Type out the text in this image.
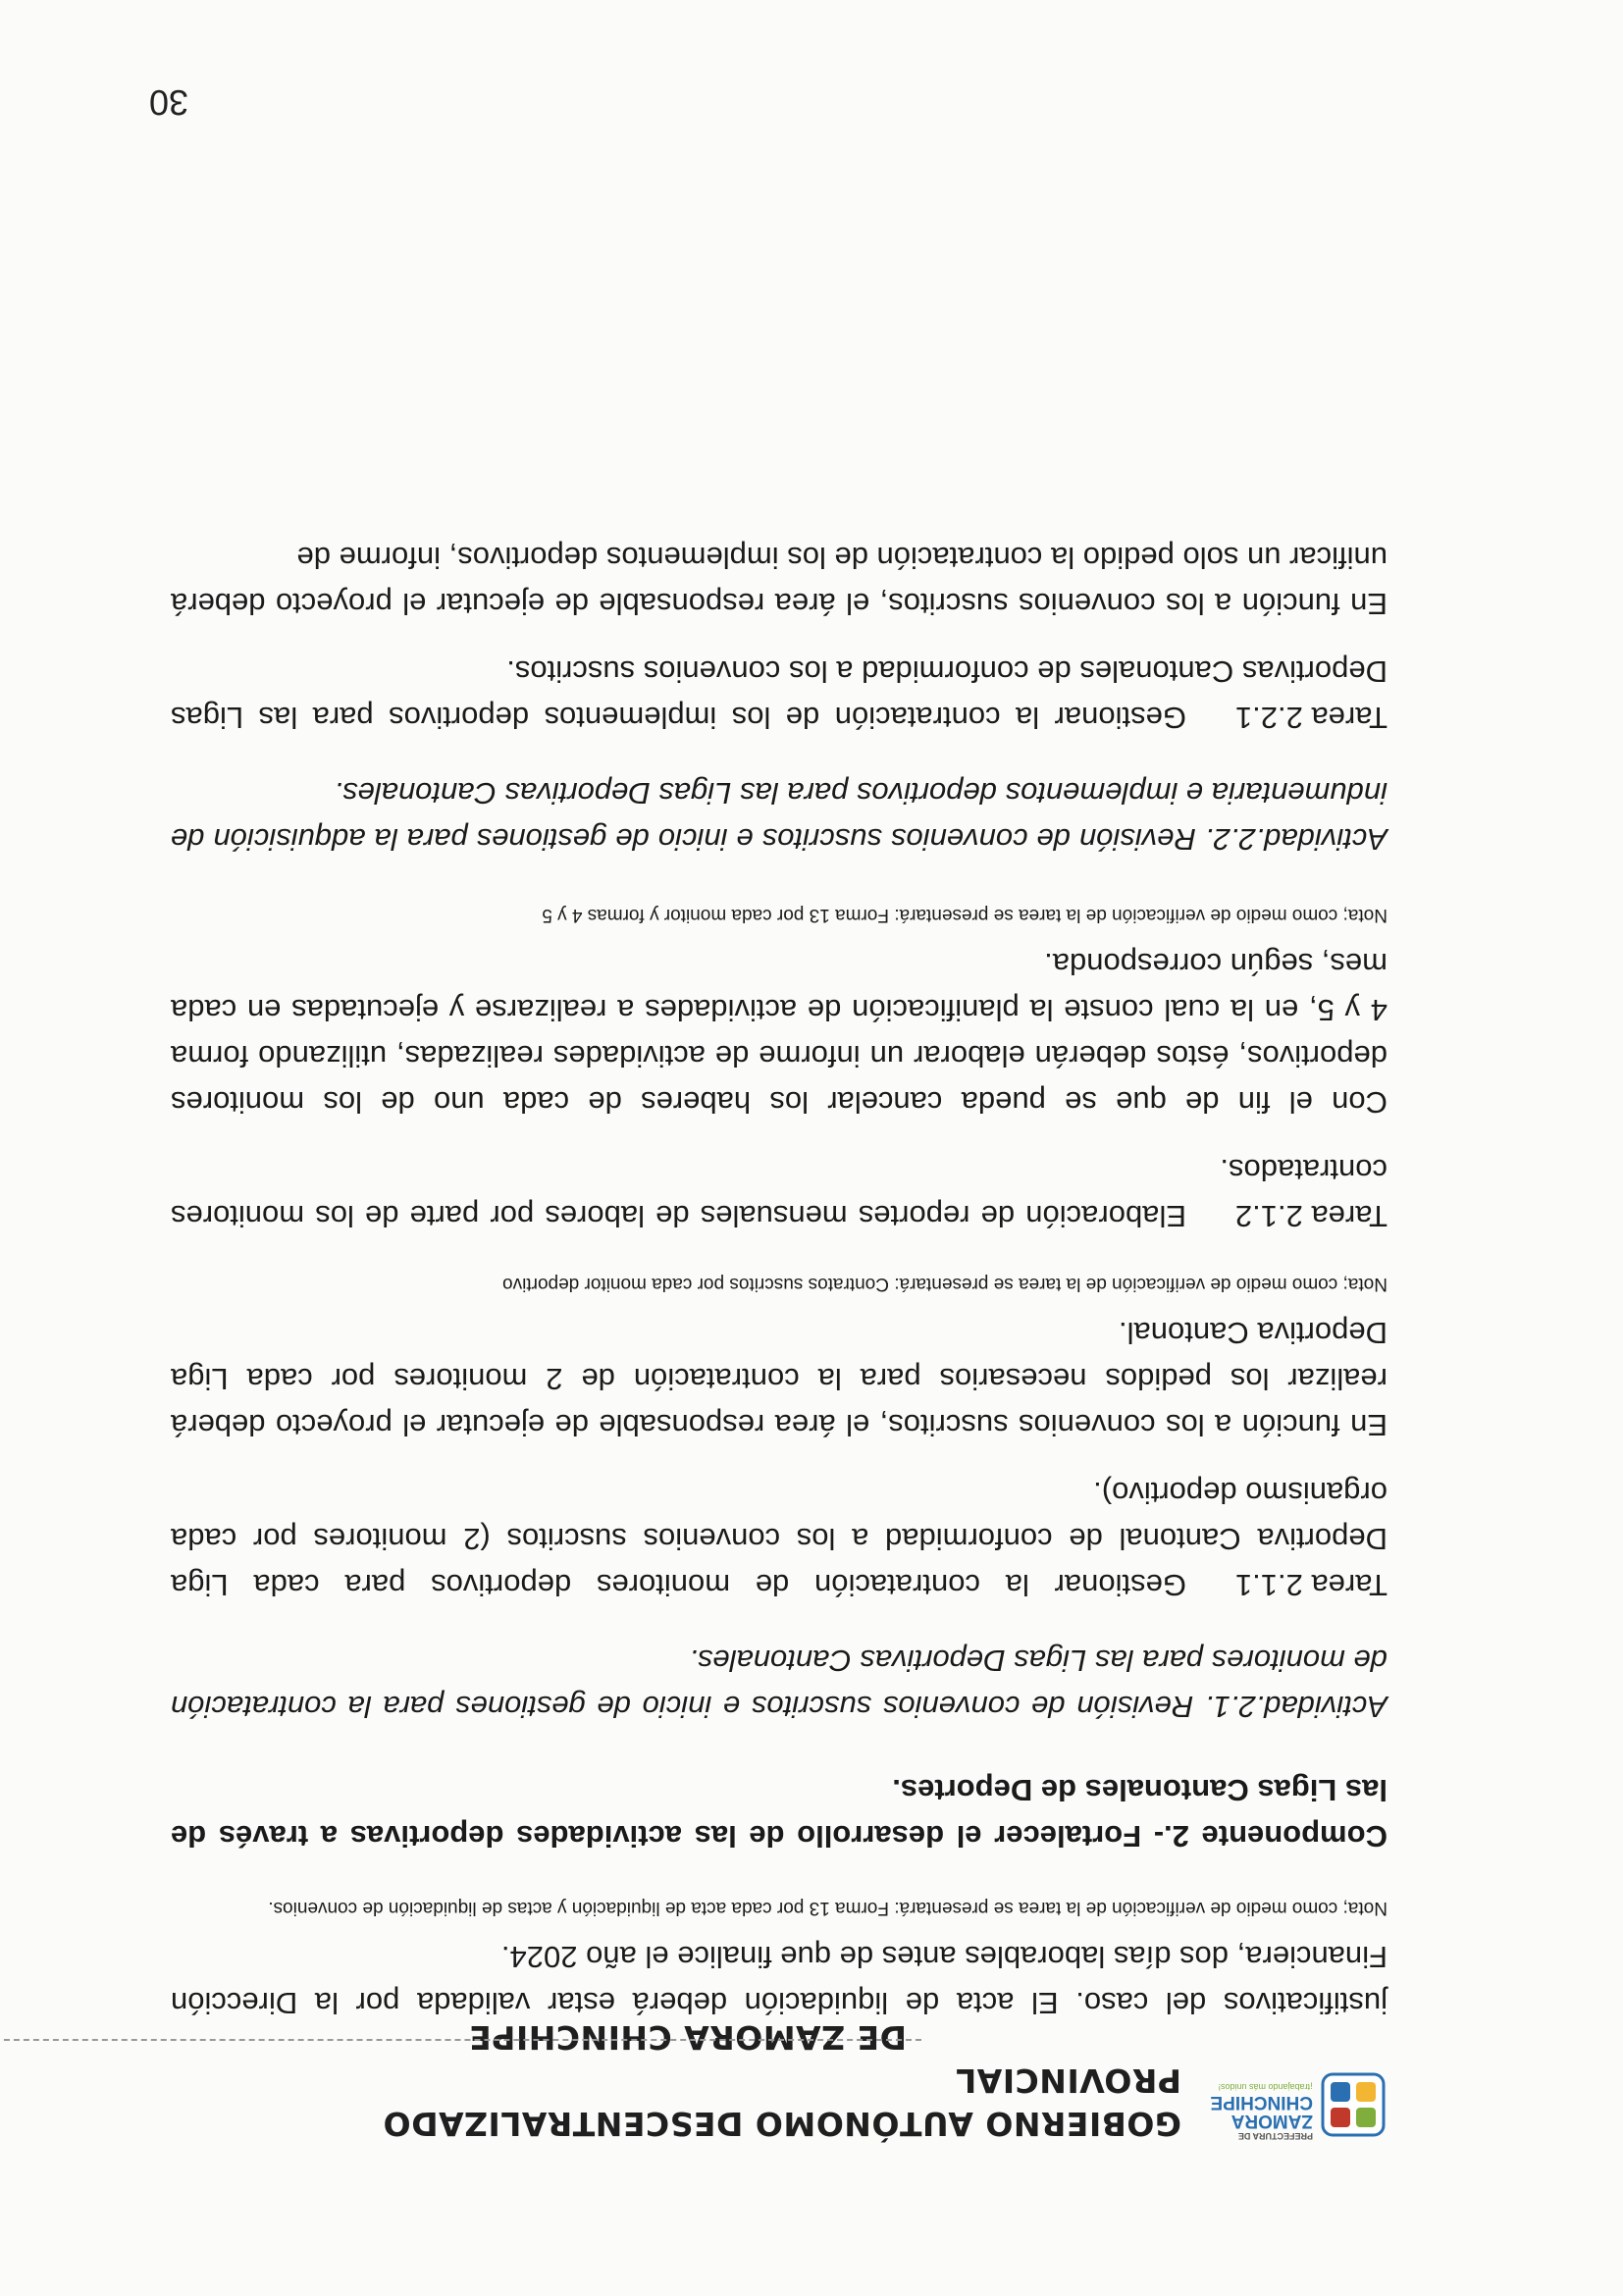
PREFECTURA DE
ZAMORA
CHINCHIPE
¡trabajando más unidos!
GOBIERNO AUTÓNOMO DESCENTRALIZADO PROVINCIAL
DE ZAMORA CHINCHIPE

justificativos del caso. El acta de liquidación deberá estar validada por la Dirección Financiera, dos días laborables antes de que finalice el año 2024.

Nota; como medio de verificación de la tarea se presentará: Forma 13 por cada acta de liquidación y actas de liquidación de convenios.

Componente 2.- Fortalecer el desarrollo de las actividades deportivas a través de las Ligas Cantonales de Deportes.

Actividad.2.1. Revisión de convenios suscritos e inicio de gestiones para la contratación de monitores para las Ligas Deportivas Cantonales.

Tarea 2.1.1Gestionar la contratación de monitores deportivos para cada Liga Deportiva Cantonal de conformidad a los convenios suscritos (2 monitores por cada organismo deportivo).

En función a los convenios suscritos, el área responsable de ejecutar el proyecto deberá realizar los pedidos necesarios para la contratación de 2 monitores por cada Liga Deportiva Cantonal.

Nota; como medio de verificación de la tarea se presentará: Contratos suscritos por cada monitor deportivo

Tarea 2.1.2Elaboración de reportes mensuales de labores por parte de los monitores contratados.

Con el fin de que se pueda cancelar los haberes de cada uno de los monitores deportivos, éstos deberán elaborar un informe de actividades realizadas, utilizando forma 4 y 5, en la cual conste la planificación de actividades a realizarse y ejecutadas en cada mes, según corresponda.

Nota; como medio de verificación de la tarea se presentará: Forma 13 por cada monitor y formas 4 y 5

Actividad.2.2. Revisión de convenios suscritos e inicio de gestiones para la adquisición de indumentaria e implementos deportivos para las Ligas Deportivas Cantonales.

Tarea 2.2.1Gestionar la contratación de los implementos deportivos para las Ligas Deportivas Cantonales de conformidad a los convenios suscritos.

En función a los convenios suscritos, el área responsable de ejecutar el proyecto deberá unificar un solo pedido la contratación de los implementos deportivos, informe de

30
